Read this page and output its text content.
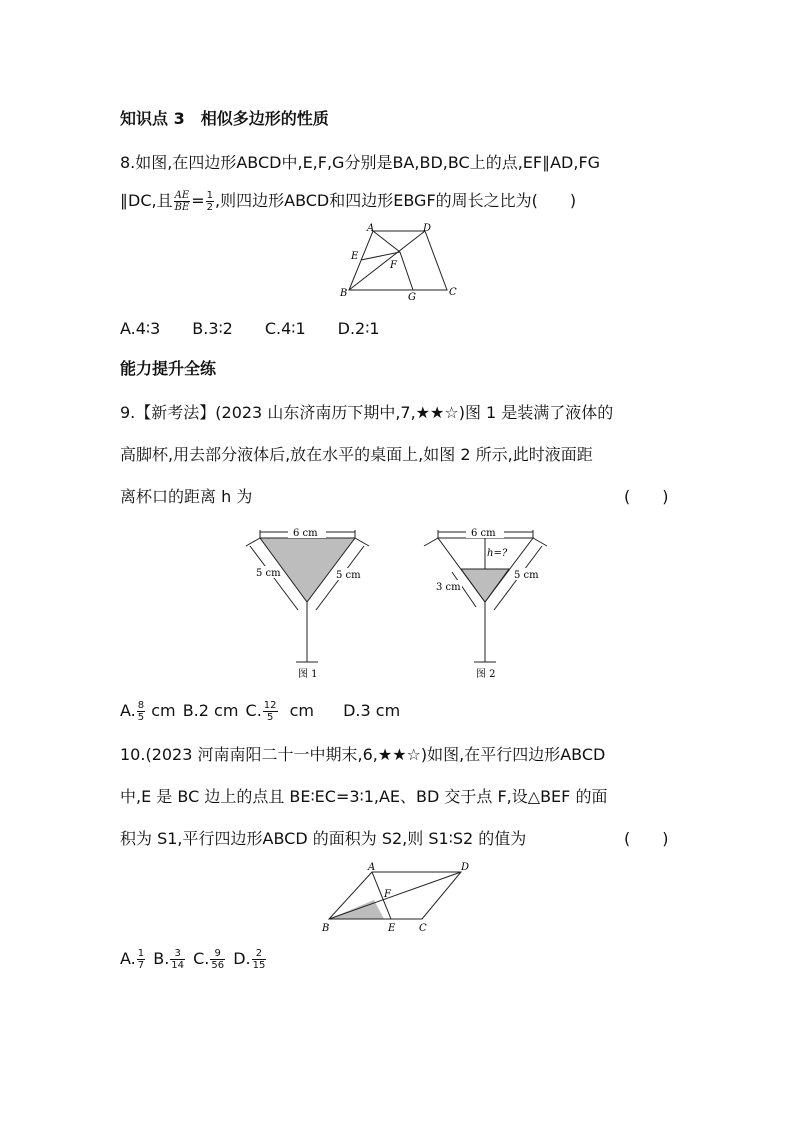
知识点 3　相似多边形的性质
8.如图,在四边形ABCD中,E,F,G分别是BA,BD,BC上的点,EF∥AD,FG
∥DC,且 $\frac{AE}{BE} = \frac{1}{2}$ ,则四边形ABCD和四边形EBGF的周长之比为(　　)
A	D
E
F
B	G	C
A.4∶3　　B.3∶2　　C.4∶1　　D.2∶1
能力提升全练
9.【新考法】(2023 山东济南历下期中,7,★★☆)图 1 是装满了液体的
高脚杯,用去部分液体后,放在水平的桌面上,如图 2 所示,此时液面距
离杯口的距离 h 为	(　　)
6 cm
5 cm	5 cm
图 1
6 cm
h=?
3 cm
5 cm
图 2
A. $\frac{8}{5}$ cm B.2 cm C. $\frac{12}{5}$ cm D.3 cm
10.(2023 河南南阳二十一中期末,6,★★☆)如图,在平行四边形ABCD
中,E 是 BC 边上的点且 BE∶EC=3∶1,AE、BD 交于点 F,设△BEF 的面
积为 S1,平行四边形ABCD 的面积为 S2,则 S1∶S2 的值为	(　　)
A	D
F
B	E C
A. $\frac{1}{7} B$. $\frac{3}{14} C$. $\frac{9}{56} D$. $\frac{2}{15}$
